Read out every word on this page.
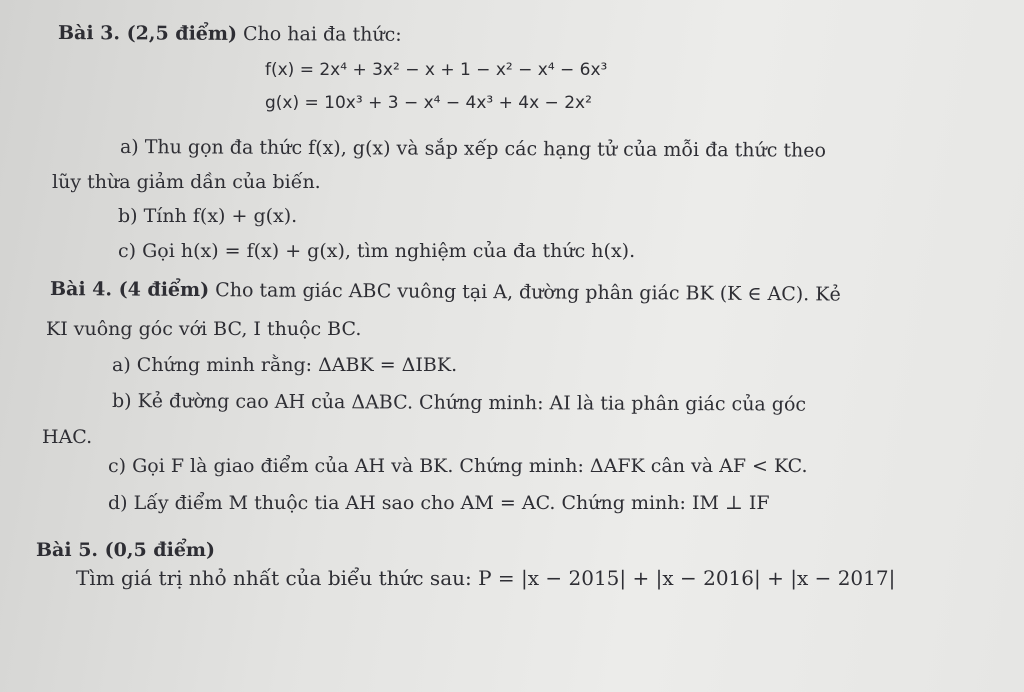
Bài 3. (2,5 điểm) Cho hai đa thức:
f(x) = 2x⁴ + 3x² − x + 1 − x² − x⁴ − 6x³
g(x) = 10x³ + 3 − x⁴ − 4x³ + 4x − 2x²
a) Thu gọn đa thức f(x), g(x) và sắp xếp các hạng tử của mỗi đa thức theo
lũy thừa giảm dần của biến.
b) Tính f(x) + g(x).
c) Gọi h(x) = f(x) + g(x), tìm nghiệm của đa thức h(x).
Bài 4. (4 điểm) Cho tam giác ABC vuông tại A, đường phân giác BK (K ∈ AC). Kẻ
KI vuông góc với BC, I thuộc BC.
a) Chứng minh rằng: ΔABK = ΔIBK.
b) Kẻ đường cao AH của ΔABC. Chứng minh: AI là tia phân giác của góc
HAC.
c) Gọi F là giao điểm của AH và BK. Chứng minh: ΔAFK cân và AF < KC.
d) Lấy điểm M thuộc tia AH sao cho AM = AC. Chứng minh: IM ⊥ IF
Bài 5. (0,5 điểm)
Tìm giá trị nhỏ nhất của biểu thức sau: P = |x − 2015| + |x − 2016| + |x − 2017|
